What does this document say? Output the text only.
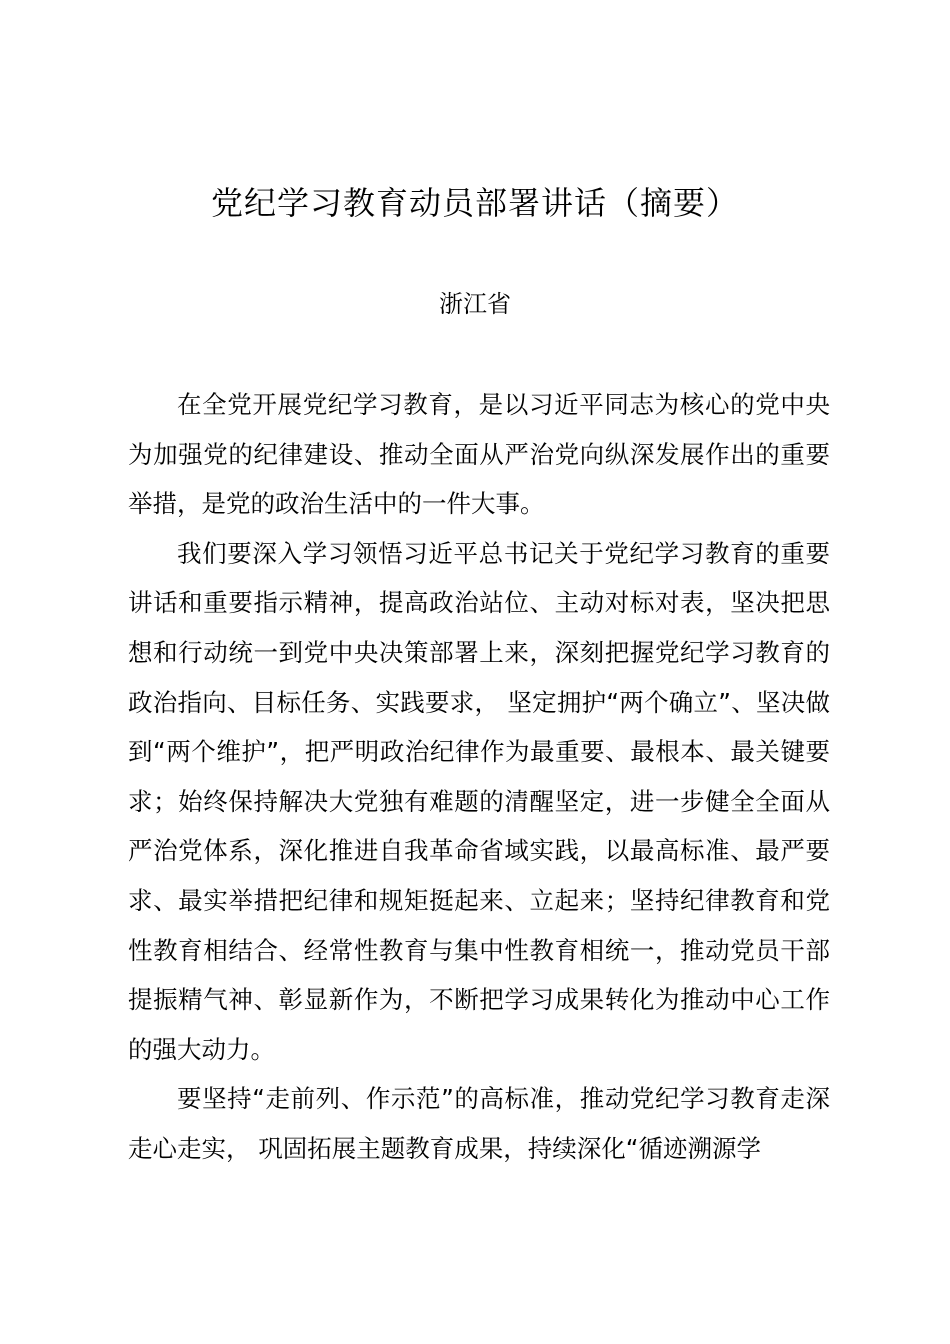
党纪学习教育动员部署讲话（摘要）
浙江省

在全党开展党纪学习教育，是以习近平同志为核心的党中央为加强党的纪律建设、推动全面从严治党向纵深发展作出的重要举措，是党的政治生活中的一件大事。

我们要深入学习领悟习近平总书记关于党纪学习教育的重要讲话和重要指示精神，提高政治站位、主动对标对表，坚决把思想和行动统一到党中央决策部署上来，深刻把握党纪学习教育的政治指向、目标任务、实践要求， 坚定拥护“两个确立”、坚决做到“两个维护”，把严明政治纪律作为最重要、最根本、最关键要求；始终保持解决大党独有难题的清醒坚定，进一步健全全面从严治党体系，深化推进自我革命省域实践，以最高标准、最严要求、最实举措把纪律和规矩挺起来、立起来；坚持纪律教育和党性教育相结合、经常性教育与集中性教育相统一，推动党员干部提振精气神、彰显新作为，不断把学习成果转化为推动中心工作的强大动力。

要坚持“走前列、作示范”的高标准，推动党纪学习教育走深走心走实， 巩固拓展主题教育成果，持续深化“循迹溯源学
